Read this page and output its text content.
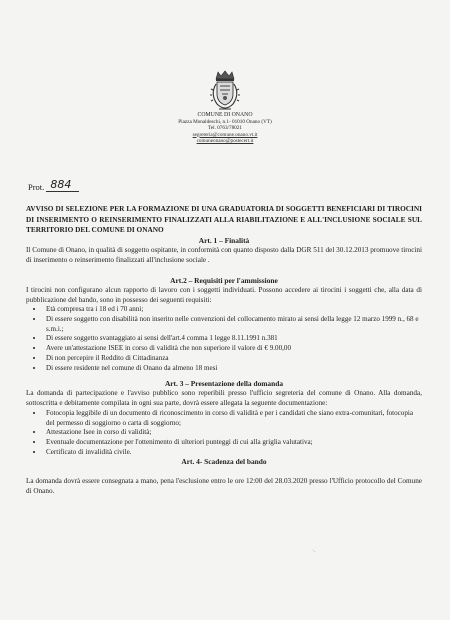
COMUNE DI ONANO
Piazza Monaldeschi, n.1- 01010 Onano (VT)
Tel. 0763/78021
segreteria@comune.onano.vt.it
comuneonano@postecert.it
Prot. 884

AVVISO DI SELEZIONE PER LA FORMAZIONE DI UNA GRADUATORIA DI SOGGETTI BENEFICIARI DI TIROCINI DI INSERIMENTO O REINSERIMENTO FINALIZZATI ALLA RIABILITAZIONE E ALL'INCLUSIONE SOCIALE SUL TERRITORIO DEL COMUNE DI ONANO

Art. 1 – Finalità

Il Comune di Onano, in qualità di soggetto ospitante, in conformità con quanto disposto dalla DGR 511 del 30.12.2013 promuove tirocini di inserimento o reinserimento finalizzati all'inclusione sociale .

Art.2 – Requisiti per l'ammissione

I tirocini non configurano alcun rapporto di lavoro con i soggetti individuati. Possono accedere ai tirocini i soggetti che, alla data di pubblicazione del bando, sono in possesso dei seguenti requisiti:

• Età compresa tra i 18 ed i 70 anni;
• Di essere soggetto con disabilità non inserito nelle convenzioni del collocamento mirato ai sensi della legge 12 marzo 1999 n., 68 e s.m.i.;
• Di essere soggetto svantaggiato ai sensi dell'art.4 comma 1 legge 8.11.1991 n.381
• Avere un'attestazione ISEE in corso di validità che non superiore il valore di € 9.00,00
• Di non percepire il Reddito di Cittadinanza
• Di essere residente nel comune di Onano da almeno 18 mesi

Art. 3 – Presentazione della domanda

La domanda di partecipazione e l'avviso pubblico sono reperibili presso l'ufficio segreteria del comune di Onano. Alla domanda, sottoscritta e debitamente compilata in ogni sua parte, dovrà essere allegata la seguente documentazione:

• Fotocopia leggibile di un documento di riconoscimento in corso di validità e per i candidati che siano extra-comunitari, fotocopia del permesso di soggiorno o carta di soggiorno;
• Attestazione Isee in corso di validità;
• Eventuale documentazione per l'ottenimento di ulteriori punteggi di cui alla griglia valutativa;
• Certificato di invalidità civile.

Art. 4- Scadenza del bando

La domanda dovrà essere consegnata a mano, pena l'esclusione entro le ore 12:00 del 28.03.2020 presso l'Ufficio protocollo del Comune di Onano.

·.
